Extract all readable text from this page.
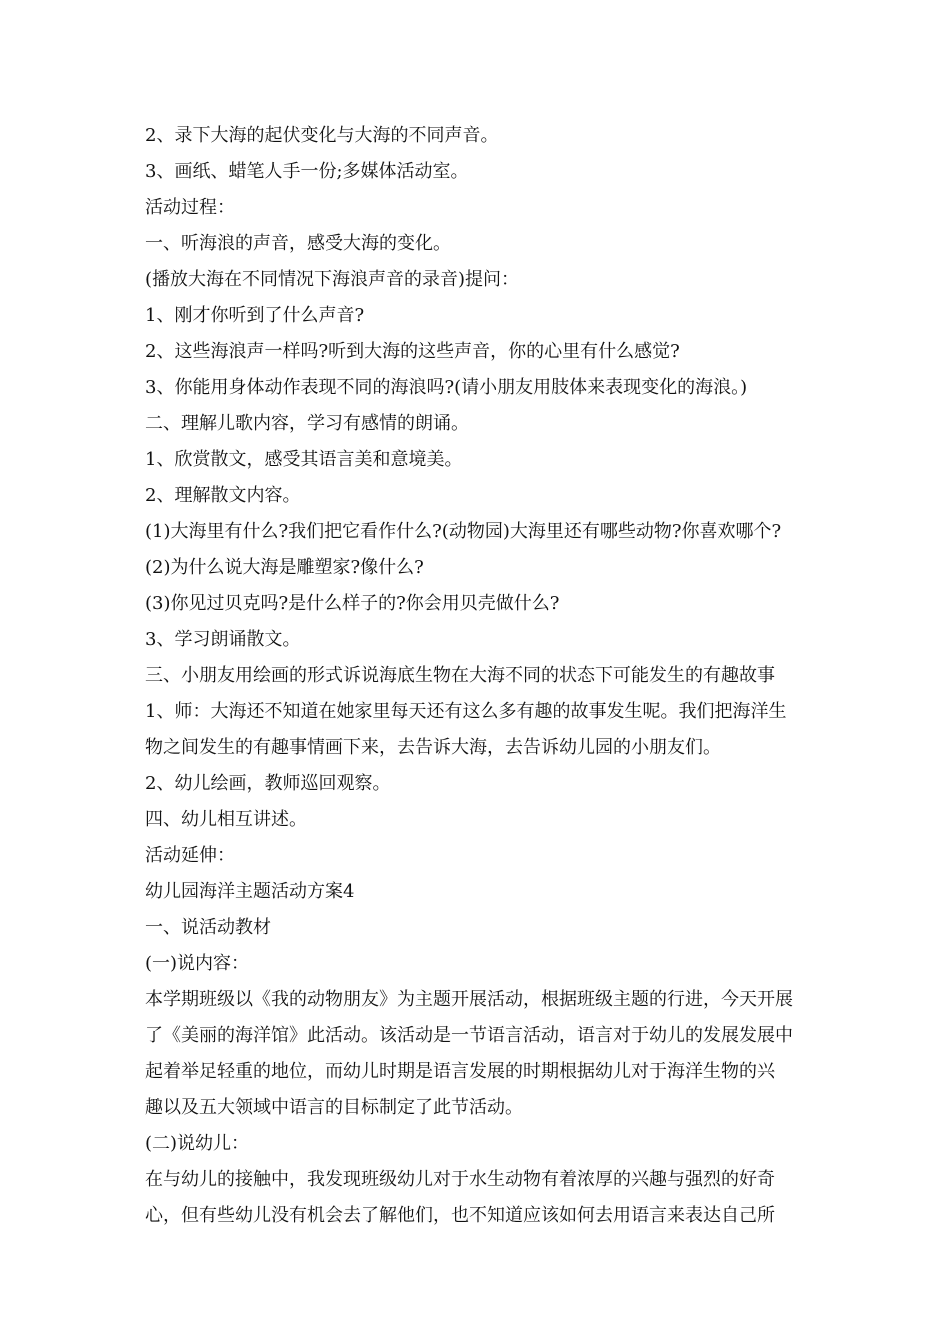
2、录下大海的起伏变化与大海的不同声音。
3、画纸、蜡笔人手一份;多媒体活动室。
活动过程：
一、听海浪的声音，感受大海的变化。
(播放大海在不同情况下海浪声音的录音)提问：
1、刚才你听到了什么声音?
2、这些海浪声一样吗?听到大海的这些声音，你的心里有什么感觉?
3、你能用身体动作表现不同的海浪吗?(请小朋友用肢体来表现变化的海浪。)
二、理解儿歌内容，学习有感情的朗诵。
1、欣赏散文，感受其语言美和意境美。
2、理解散文内容。
(1)大海里有什么?我们把它看作什么?(动物园)大海里还有哪些动物?你喜欢哪个?
(2)为什么说大海是雕塑家?像什么?
(3)你见过贝克吗?是什么样子的?你会用贝壳做什么?
3、学习朗诵散文。
三、小朋友用绘画的形式诉说海底生物在大海不同的状态下可能发生的有趣故事
1、师：大海还不知道在她家里每天还有这么多有趣的故事发生呢。我们把海洋生
物之间发生的有趣事情画下来，去告诉大海，去告诉幼儿园的小朋友们。
2、幼儿绘画，教师巡回观察。
四、幼儿相互讲述。
活动延伸：
幼儿园海洋主题活动方案4
一、说活动教材
(一)说内容：
本学期班级以《我的动物朋友》为主题开展活动，根据班级主题的行进，今天开展
了《美丽的海洋馆》此活动。该活动是一节语言活动，语言对于幼儿的发展发展中
起着举足轻重的地位，而幼儿时期是语言发展的时期根据幼儿对于海洋生物的兴
趣以及五大领域中语言的目标制定了此节活动。
(二)说幼儿：
在与幼儿的接触中，我发现班级幼儿对于水生动物有着浓厚的兴趣与强烈的好奇
心，但有些幼儿没有机会去了解他们，也不知道应该如何去用语言来表达自己所
